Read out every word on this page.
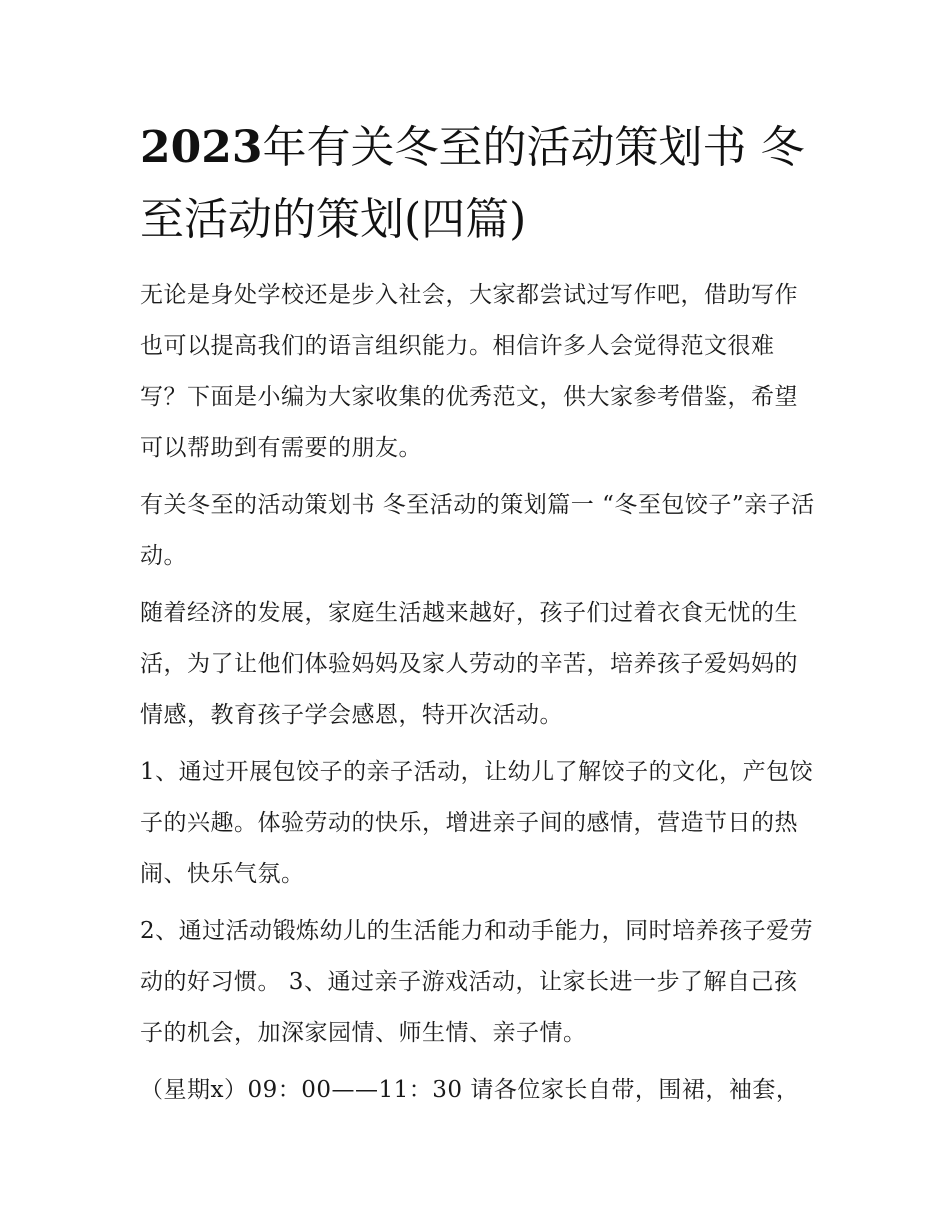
2023年有关冬至的活动策划书 冬至活动的策划(四篇)

无论是身处学校还是步入社会，大家都尝试过写作吧，借助写作也可以提高我们的语言组织能力。相信许多人会觉得范文很难写？下面是小编为大家收集的优秀范文，供大家参考借鉴，希望可以帮助到有需要的朋友。

有关冬至的活动策划书 冬至活动的策划篇一 “冬至包饺子”亲子活动。

随着经济的发展，家庭生活越来越好，孩子们过着衣食无忧的生活，为了让他们体验妈妈及家人劳动的辛苦，培养孩子爱妈妈的情感，教育孩子学会感恩，特开次活动。

1、通过开展包饺子的亲子活动，让幼儿了解饺子的文化，产包饺子的兴趣。体验劳动的快乐，增进亲子间的感情，营造节日的热闹、快乐气氛。

2、通过活动锻炼幼儿的生活能力和动手能力，同时培养孩子爱劳动的好习惯。 3、通过亲子游戏活动，让家长进一步了解自己孩子的机会，加深家园情、师生情、亲子情。

（星期x）09：00——11：30 请各位家长自带，围裙，袖套，
